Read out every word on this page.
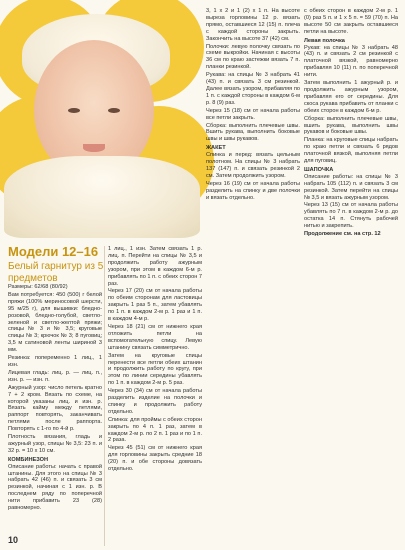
Модели 12–16
Белый гарнитур из 5 предметов

Размеры: 62/68 (80/92)

Вам потребуется: 450 (500) г белой пряжи (100% мериносовой шерсти, 95 м/25 г), для вышивки: бледно-розовой, бледно-голубой, светло-зеленой и светло-желтой пряжи; спицы № 3 и № 3,5; круговые спицы № 3; крючок № 3; 8 пуговиц; 3,5 м сатиновой ленты шириной 3 мм.

Резинка: попеременно 1 лиц., 1 изн.

Лицевая гладь: лиц. р. — лиц. п., изн. р. — изн. п.

Ажурный узор: число петель кратно 7 + 2 кром. Вязать по схеме, на которой указаны лиц. и изн. р. Вязать кайму между петлями, раппорт повторять, заканчивать петлями после раппорта. Повторять с 1-го по 4-й р.

Плотность вязания, гладь и ажурный узор, спицы № 3,5: 23 п. и 32 р. = 10 х 10 см.

КОМБИНЕЗОН

Описание работы: начать с правой штанины. Для этого на спицы № 3 набрать 42 (46) п. и связать 3 см резинкой, начиная с 1 изн. р. В последнем ряду по поперечной нити прибавить 23 (28) равномерно.

1 лиц., 1 изн. Затем связать 1 р. лиц. п. Перейти на спицы № 3,5 и продолжить работу ажурным узором, при этом в каждом 6-м р. прибавлять по 1 п. с обеих сторон 7 раз.

Через 17 (20) см от начала работы по обеим сторонам для ластовицы закрыть 1 раз 5 п., затем убавлять по 1 п. в каждом 2-м р. 1 раз и 1 п. в каждом 4-м р.

Через 18 (21) см от нижнего края отложить петли на вспомогательную спицу. Левую штанину связать симметрично.

Затем на круговые спицы перенести все петли обеих штанин и продолжить работу по кругу, при этом по линии середины убавлять по 1 п. в каждом 2-м р. 5 раз.

Через 30 (34) см от начала работы разделить изделие на полочки и спинку и продолжить работу отдельно.

Спинка: для проймы с обеих сторон закрыть по 4 п. 1 раз, затем в каждом 2-м р. по 2 п. 1 раз и по 1 п. 2 раза.

Через 45 (51) см от нижнего края для горловины закрыть средние 18 (20) п. и обе стороны довязать отдельно.

3, 1 х 2 и 1 (2) х 1 п. На высоте выреза горловины 12 р. вязать прямо, оставшиеся 12 (15) п. плеча с каждой стороны закрыть. Закончить на высоте 37 (42) см.

Полочки: левую полочку связать по схеме выкройки. Начиная с высоты 36 см по краю застежки вязать 7 п. планки резинкой.

Рукава: на спицы № 3 набрать 41 (43) п. и связать 3 см резинкой. Далее вязать узором, прибавляя по 1 п. с каждой стороны в каждом 6-м р. 8 (9) раз.

Через 15 (18) см от начала работы все петли закрыть.

Сборка: выполнить плечевые швы. Вшить рукава, выполнить боковые швы и швы рукавов.

ЖАКЕТ

Спинка и перед: вязать цельным полотном. На спицы № 3 набрать 137 (147) п. и связать резинкой 2 см. Затем продолжить узором.

Через 16 (19) см от начала работы разделить на спинку и две полочки и вязать отдельно.

с обеих сторон в каждом 2-м р. 1 (0) раз 5 п. и 1 х 5 п. = 59 (70) п. На высоте 50 см закрыть оставшиеся петли на высоте.

Левая полочка

Рукав: на спицы № 3 набрать 48 (43) п. и связать 2 см резинкой с платочной вязкой, равномерно прибавляя 10 (11) п. по поперечной нити.

Затем выполнить 1 ажурный р. и продолжить ажурным узором, прибавляя его от середины. Для скоса рукава прибавить от планки с обеих сторон в каждом 6-м р.

Сборка: выполнить плечевые швы, вшить рукава, выполнить швы рукавов и боковые швы.

Планка: на круговые спицы набрать по краю петли и связать 6 рядов платочной вязкой, выполняя петли для пуговиц.

ШАПОЧКА

Описание работы: на спицы № 3 набрать 105 (112) п. и связать 3 см резинкой. Затем перейти на спицы № 3,5 и вязать ажурным узором.

Через 13 (15) см от начала работы убавлять по 7 п. в каждом 2-м р. до остатка 14 п. Стянуть рабочей нитью и закрепить.

Продолжение см. на стр. 12

10
